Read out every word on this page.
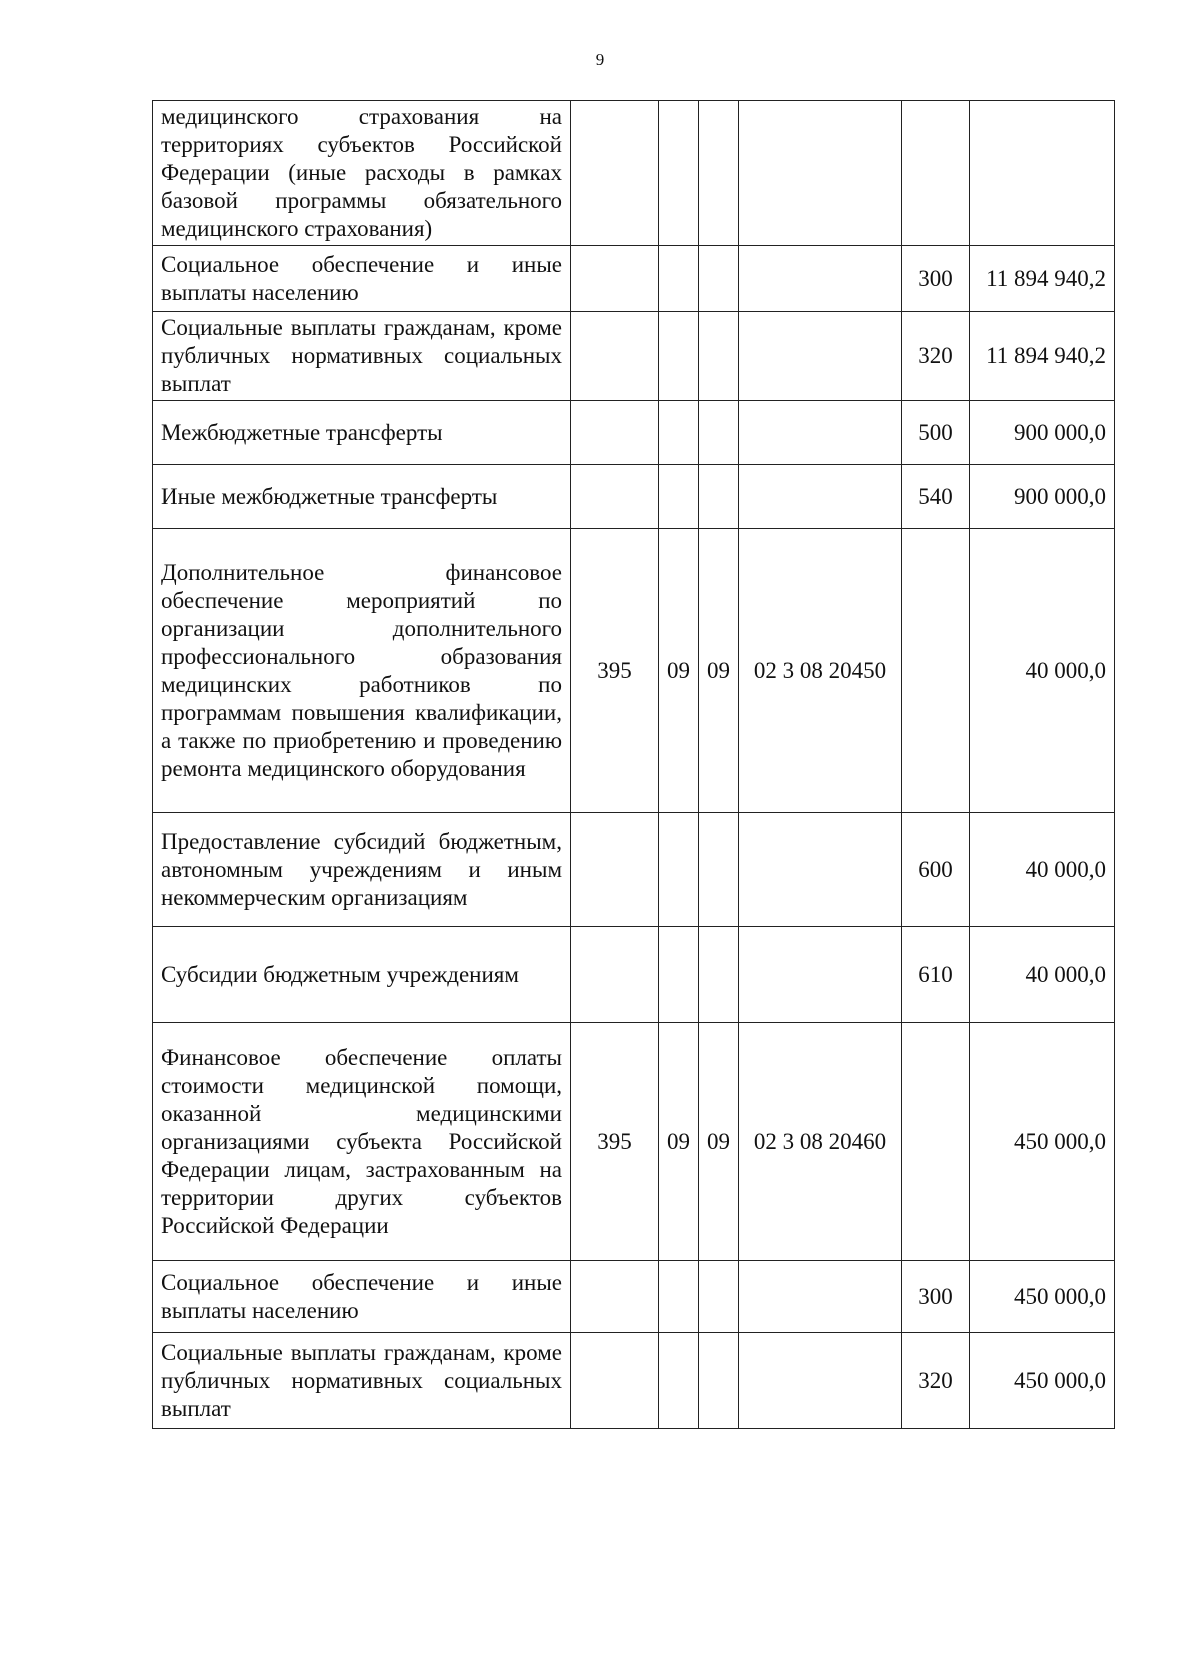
9
медицинского страхования на территориях субъектов Российской Федерации (иные расходы в рамках базовой программы обязательного медицинского страхования)						
Социальное обеспечение и иные выплаты населению					300	11 894 940,2
Социальные выплаты гражданам, кроме публичных нормативных социальных выплат					320	11 894 940,2
Межбюджетные трансферты					500	900 000,0
Иные межбюджетные трансферты					540	900 000,0
Дополнительное финансовое обеспечение мероприятий по организации дополнительного профессионального образования медицинских работников по программам повышения квалификации, а также по приобретению и проведению ремонта медицинского оборудования	395	09	09	02 3 08 20450		40 000,0
Предоставление субсидий бюджетным, автономным учреждениям и иным некоммерческим организациям					600	40 000,0
Субсидии бюджетным учреждениям					610	40 000,0
Финансовое обеспечение оплаты стоимости медицинской помощи, оказанной медицинскими организациями субъекта Российской Федерации лицам, застрахованным на территории других субъектов Российской Федерации	395	09	09	02 3 08 20460		450 000,0
Социальное обеспечение и иные выплаты населению					300	450 000,0
Социальные выплаты гражданам, кроме публичных нормативных социальных выплат					320	450 000,0
